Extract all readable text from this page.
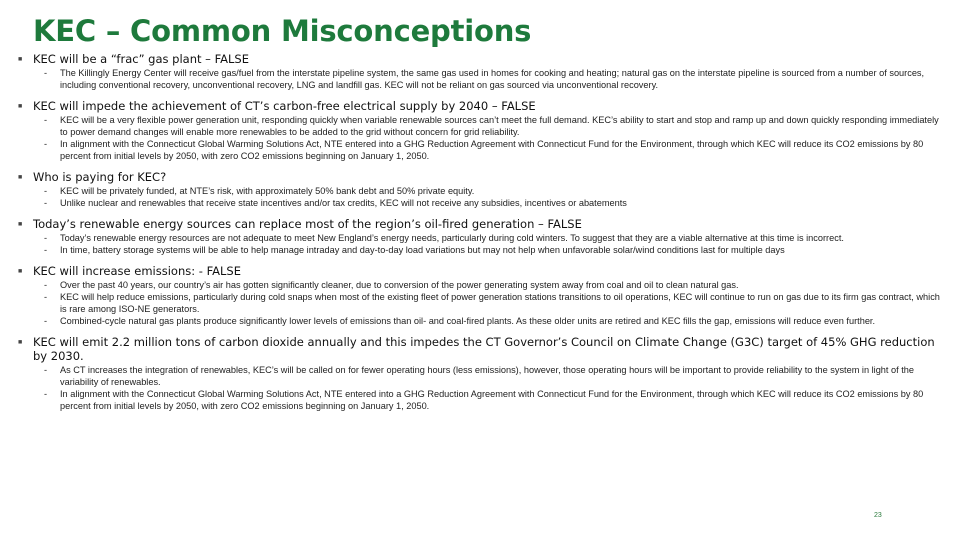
KEC – Common Misconceptions
■ KEC will be a “frac” gas plant – FALSE
- The Killingly Energy Center will receive gas/fuel from the interstate pipeline system, the same gas used in homes for cooking and heating; natural gas on the interstate pipeline is sourced from a number of sources, including conventional recovery, unconventional recovery, LNG and landfill gas. KEC will not be reliant on gas sourced via unconventional recovery.
■ KEC will impede the achievement of CT’s carbon-free electrical supply by 2040 – FALSE
- KEC will be a very flexible power generation unit, responding quickly when variable renewable sources can’t meet the full demand. KEC’s ability to start and stop and ramp up and down quickly responding immediately to power demand changes will enable more renewables to be added to the grid without concern for grid reliability.
- In alignment with the Connecticut Global Warming Solutions Act, NTE entered into a GHG Reduction Agreement with Connecticut Fund for the Environment, through which KEC will reduce its CO2 emissions by 80 percent from initial levels by 2050, with zero CO2 emissions beginning on January 1, 2050.
■ Who is paying for KEC?
- KEC will be privately funded, at NTE’s risk, with approximately 50% bank debt and 50% private equity.
- Unlike nuclear and renewables that receive state incentives and/or tax credits, KEC will not receive any subsidies, incentives or abatements
■ Today’s renewable energy sources can replace most of the region’s oil-fired generation – FALSE
- Today’s renewable energy resources are not adequate to meet New England’s energy needs, particularly during cold winters. To suggest that they are a viable alternative at this time is incorrect.
- In time, battery storage systems will be able to help manage intraday and day-to-day load variations but may not help when unfavorable solar/wind conditions last for multiple days
■ KEC will increase emissions: - FALSE
- Over the past 40 years, our country’s air has gotten significantly cleaner, due to conversion of the power generating system away from coal and oil to clean natural gas.
- KEC will help reduce emissions, particularly during cold snaps when most of the existing fleet of power generation stations transitions to oil operations, KEC will continue to run on gas due to its firm gas contract, which is rare among ISO-NE generators.
- Combined-cycle natural gas plants produce significantly lower levels of emissions than oil- and coal-fired plants. As these older units are retired and KEC fills the gap, emissions will reduce even further.
■ KEC will emit 2.2 million tons of carbon dioxide annually and this impedes the CT Governor’s Council on Climate Change (G3C) target of 45% GHG reduction by 2030.
- As CT increases the integration of renewables, KEC’s will be called on for fewer operating hours (less emissions), however, those operating hours will be important to provide reliability to the system in light of the variability of renewables.
- In alignment with the Connecticut Global Warming Solutions Act, NTE entered into a GHG Reduction Agreement with Connecticut Fund for the Environment, through which KEC will reduce its CO2 emissions by 80 percent from initial levels by 2050, with zero CO2 emissions beginning on January 1, 2050.
23
